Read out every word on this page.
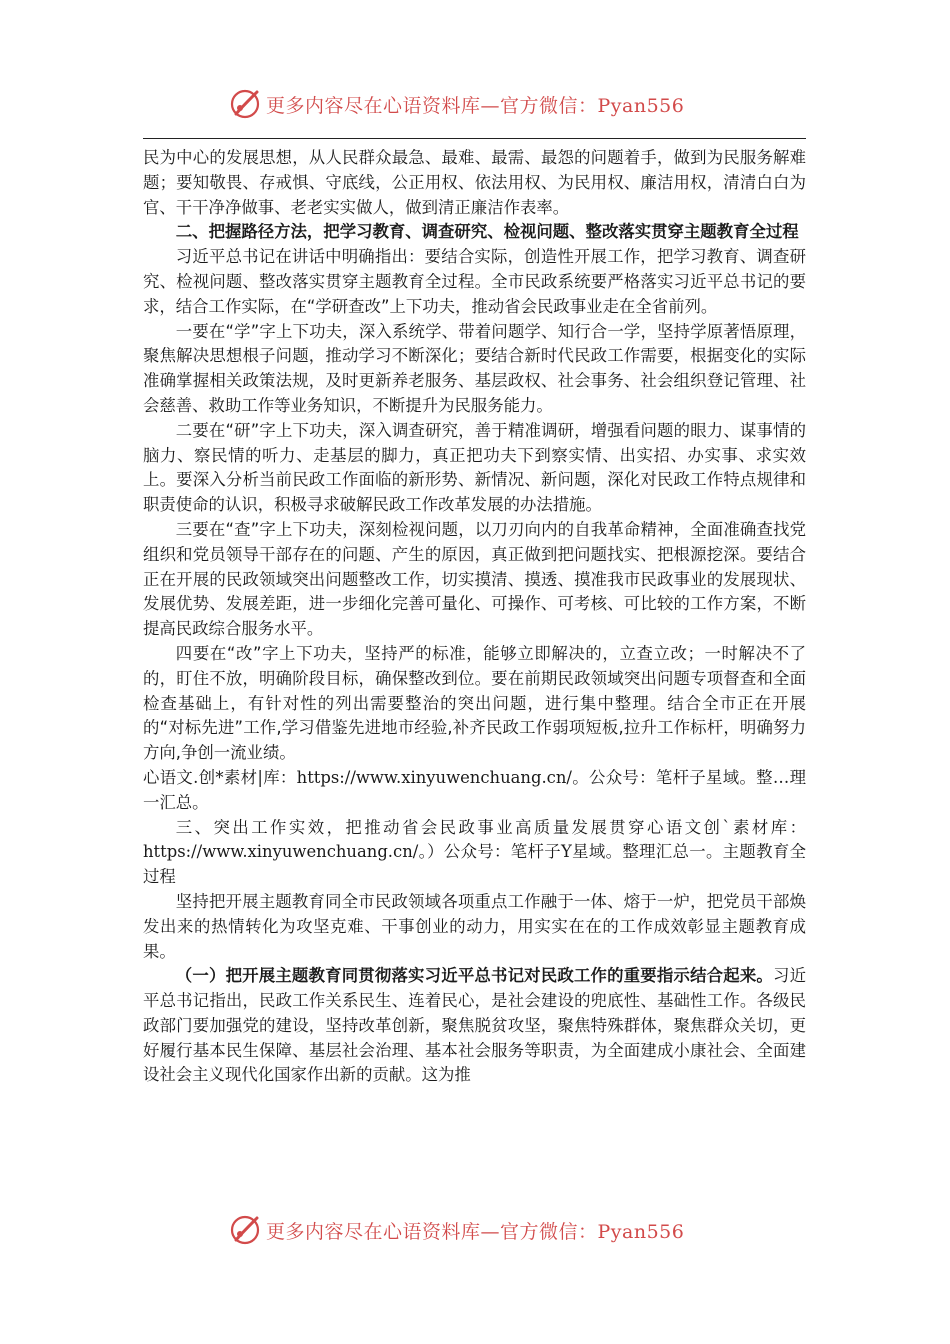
更多内容尽在心语资料库—官方微信：Pyan556

民为中心的发展思想，从人民群众最急、最难、最需、最怨的问题着手，做到为民服务解难题；要知敬畏、存戒惧、守底线，公正用权、依法用权、为民用权、廉洁用权，清清白白为官、干干净净做事、老老实实做人，做到清正廉洁作表率。

二、把握路径方法，把学习教育、调查研究、检视问题、整改落实贯穿主题教育全过程

习近平总书记在讲话中明确指出：要结合实际，创造性开展工作，把学习教育、调查研究、检视问题、整改落实贯穿主题教育全过程。全市民政系统要严格落实习近平总书记的要求，结合工作实际，在“学研查改”上下功夫，推动省会民政事业走在全省前列。

一要在“学”字上下功夫，深入系统学、带着问题学、知行合一学，坚持学原著悟原理，聚焦解决思想根子问题，推动学习不断深化；要结合新时代民政工作需要，根据变化的实际准确掌握相关政策法规，及时更新养老服务、基层政权、社会事务、社会组织登记管理、社会慈善、救助工作等业务知识，不断提升为民服务能力。

二要在“研”字上下功夫，深入调查研究，善于精准调研，增强看问题的眼力、谋事情的脑力、察民情的听力、走基层的脚力，真正把功夫下到察实情、出实招、办实事、求实效上。要深入分析当前民政工作面临的新形势、新情况、新问题，深化对民政工作特点规律和职责使命的认识，积极寻求破解民政工作改革发展的办法措施。

三要在“查”字上下功夫，深刻检视问题，以刀刃向内的自我革命精神，全面准确查找党组织和党员领导干部存在的问题、产生的原因，真正做到把问题找实、把根源挖深。要结合正在开展的民政领域突出问题整改工作，切实摸清、摸透、摸准我市民政事业的发展现状、发展优势、发展差距，进一步细化完善可量化、可操作、可考核、可比较的工作方案，不断提高民政综合服务水平。

四要在“改”字上下功夫，坚持严的标准，能够立即解决的，立查立改；一时解决不了的，盯住不放，明确阶段目标，确保整改到位。要在前期民政领域突出问题专项督查和全面检查基础上，有针对性的列出需要整治的突出问题，进行集中整理。结合全市正在开展的“对标先进”工作,学习借鉴先进地市经验,补齐民政工作弱项短板,拉升工作标杆，明确努力方向,争创一流业绩。

心语文.创*素材|库：https://www.xinyuwenchuang.cn/。公众号：笔杆子星域。整…理一汇总。

三、突出工作实效，把推动省会民政事业高质量发展贯穿心语文创`素材库：https://www.xinyuwenchuang.cn/。）公众号：笔杆子Y星域。整理汇总一。主题教育全过程

坚持把开展主题教育同全市民政领域各项重点工作融于一体、熔于一炉，把党员干部焕发出来的热情转化为攻坚克难、干事创业的动力，用实实在在的工作成效彰显主题教育成果。

（一）把开展主题教育同贯彻落实习近平总书记对民政工作的重要指示结合起来。习近平总书记指出，民政工作关系民生、连着民心，是社会建设的兜底性、基础性工作。各级民政部门要加强党的建设，坚持改革创新，聚焦脱贫攻坚，聚焦特殊群体，聚焦群众关切，更好履行基本民生保障、基层社会治理、基本社会服务等职责，为全面建成小康社会、全面建设社会主义现代化国家作出新的贡献。这为推

更多内容尽在心语资料库—官方微信：Pyan556
